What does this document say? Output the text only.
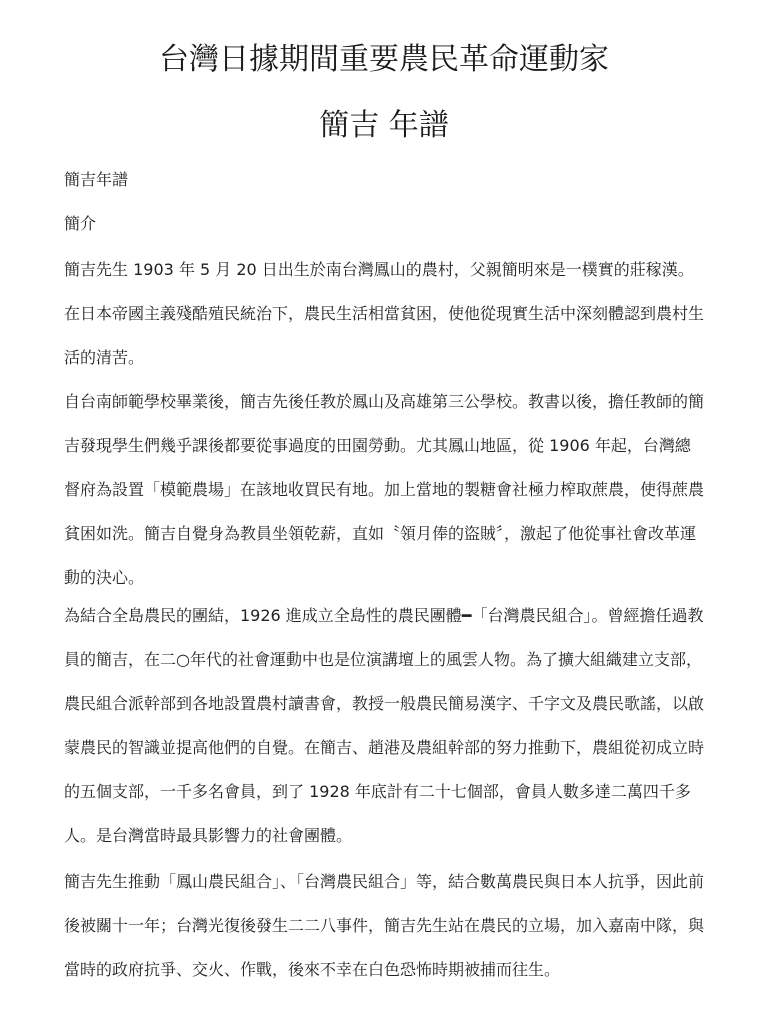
台灣日據期間重要農民革命運動家
簡吉 年譜

簡吉年譜

簡介

簡吉先生 1903 年 5 月 20 日出生於南台灣鳳山的農村，父親簡明來是一樸實的莊稼漢。在日本帝國主義殘酷殖民統治下，農民生活相當貧困，使他從現實生活中深刻體認到農村生活的清苦。

自台南師範學校畢業後，簡吉先後任教於鳳山及高雄第三公學校。教書以後，擔任教師的簡吉發現學生們幾乎課後都要從事過度的田園勞動。尤其鳳山地區，從 1906 年起，台灣總督府為設置「模範農場」在該地收買民有地。加上當地的製糖會社極力榨取蔗農，使得蔗農貧困如洗。簡吉自覺身為教員坐領乾薪，直如〝領月俸的盜賊〞，激起了他從事社會改革運動的決心。

為結合全島農民的團結，1926 進成立全島性的農民團體━「台灣農民組合」。曾經擔任過教員的簡吉，在二○年代的社會運動中也是位演講壇上的風雲人物。為了擴大組織建立支部，農民組合派幹部到各地設置農村讀書會，教授一般農民簡易漢字、千字文及農民歌謠，以啟蒙農民的智識並提高他們的自覺。在簡吉、趙港及農組幹部的努力推動下，農組從初成立時的五個支部，一千多名會員，到了 1928 年底計有二十七個部，會員人數多達二萬四千多人。是台灣當時最具影響力的社會團體。

簡吉先生推動「鳳山農民組合」、「台灣農民組合」等，結合數萬農民與日本人抗爭，因此前後被關十一年；台灣光復後發生二二八事件，簡吉先生站在農民的立場，加入嘉南中隊，與當時的政府抗爭、交火、作戰，後來不幸在白色恐怖時期被捕而往生。
